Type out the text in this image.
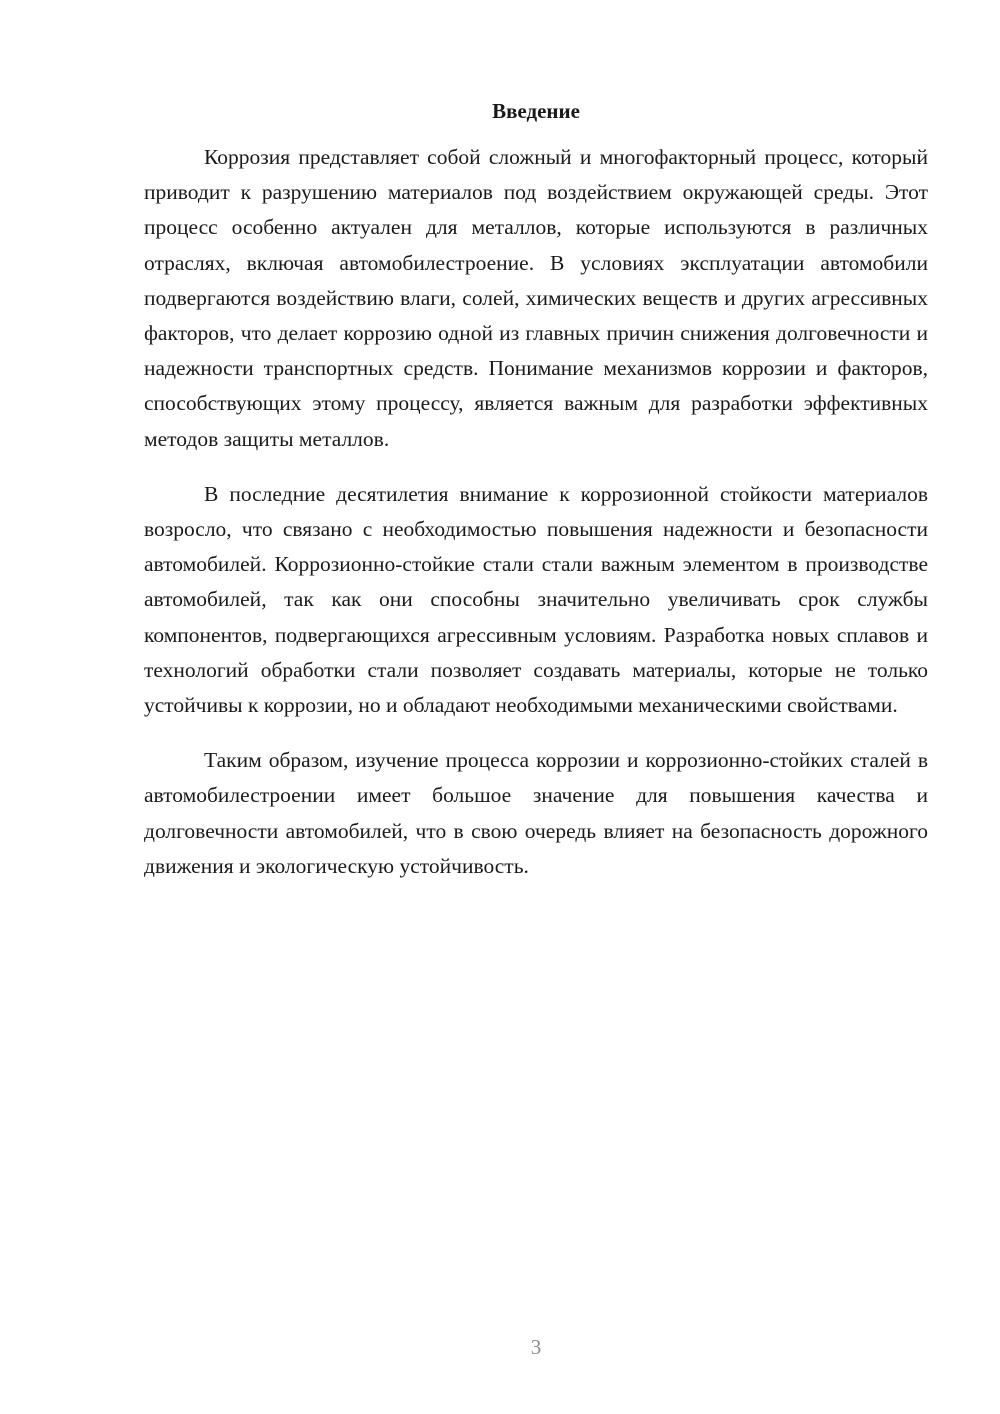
Введение

Коррозия представляет собой сложный и многофакторный процесс, который приводит к разрушению материалов под воздействием окружающей среды. Этот процесс особенно актуален для металлов, которые используются в различных отраслях, включая автомобилестроение. В условиях эксплуатации автомобили подвергаются воздействию влаги, солей, химических веществ и других агрессивных факторов, что делает коррозию одной из главных причин снижения долговечности и надежности транспортных средств. Понимание механизмов коррозии и факторов, способствующих этому процессу, является важным для разработки эффективных методов защиты металлов.

В последние десятилетия внимание к коррозионной стойкости материалов возросло, что связано с необходимостью повышения надежности и безопасности автомобилей. Коррозионно-стойкие стали стали важным элементом в производстве автомобилей, так как они способны значительно увеличивать срок службы компонентов, подвергающихся агрессивным условиям. Разработка новых сплавов и технологий обработки стали позволяет создавать материалы, которые не только устойчивы к коррозии, но и обладают необходимыми механическими свойствами.

Таким образом, изучение процесса коррозии и коррозионно-стойких сталей в автомобилестроении имеет большое значение для повышения качества и долговечности автомобилей, что в свою очередь влияет на безопасность дорожного движения и экологическую устойчивость.

3
